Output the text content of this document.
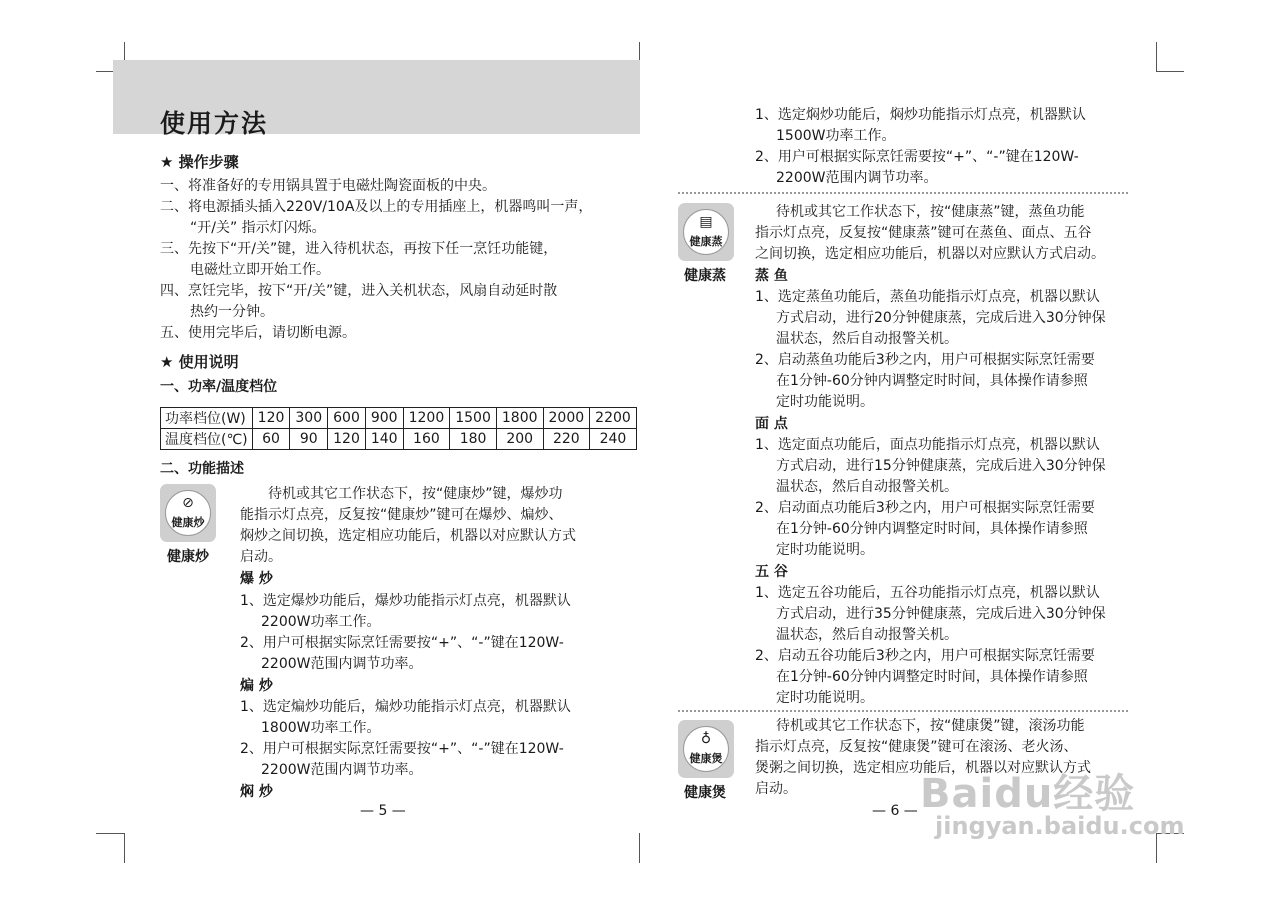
使用方法
★ 操作步骤
一、将准备好的专用锅具置于电磁灶陶瓷面板的中央。
二、将电源插头插入220V/10A及以上的专用插座上，机器鸣叫一声，
“开/关” 指示灯闪烁。
三、先按下“开/关”键，进入待机状态，再按下任一烹饪功能键，
电磁灶立即开始工作。
四、烹饪完毕，按下“开/关”键，进入关机状态，风扇自动延时散
热约一分钟。
五、使用完毕后，请切断电源。
★ 使用说明
一、功率/温度档位
功率档位(W)	120	300	600	900	1200	1500	1800	2000	2200
温度档位(℃)	60	90	120	140	160	180	200	220	240
二、功能描述
⊘
健康炒
健康炒
待机或其它工作状态下，按“健康炒”键，爆炒功
能指示灯点亮，反复按“健康炒”键可在爆炒、煸炒、
焖炒之间切换，选定相应功能后，机器以对应默认方式
启动。
爆 炒
1、选定爆炒功能后，爆炒功能指示灯点亮，机器默认
2200W功率工作。
2、用户可根据实际烹饪需要按“+”、“-”键在120W-
2200W范围内调节功率。
煸 炒
1、选定煸炒功能后，煸炒功能指示灯点亮，机器默认
1800W功率工作。
2、用户可根据实际烹饪需要按“+”、“-”键在120W-
2200W范围内调节功率。
焖 炒
— 5 —
1、选定焖炒功能后，焖炒功能指示灯点亮，机器默认
1500W功率工作。
2、用户可根据实际烹饪需要按“+”、“-”键在120W-
2200W范围内调节功率。
▤
健康蒸
健康蒸
待机或其它工作状态下，按“健康蒸”键，蒸鱼功能
指示灯点亮，反复按“健康蒸”键可在蒸鱼、面点、五谷
之间切换，选定相应功能后，机器以对应默认方式启动。
蒸 鱼
1、选定蒸鱼功能后，蒸鱼功能指示灯点亮，机器以默认
方式启动，进行20分钟健康蒸，完成后进入30分钟保
温状态，然后自动报警关机。
2、启动蒸鱼功能后3秒之内，用户可根据实际烹饪需要
在1分钟-60分钟内调整定时时间，具体操作请参照
定时功能说明。
面 点
1、选定面点功能后，面点功能指示灯点亮，机器以默认
方式启动，进行15分钟健康蒸，完成后进入30分钟保
温状态，然后自动报警关机。
2、启动面点功能后3秒之内，用户可根据实际烹饪需要
在1分钟-60分钟内调整定时时间，具体操作请参照
定时功能说明。
五 谷
1、选定五谷功能后，五谷功能指示灯点亮，机器以默认
方式启动，进行35分钟健康蒸，完成后进入30分钟保
温状态，然后自动报警关机。
2、启动五谷功能后3秒之内，用户可根据实际烹饪需要
在1分钟-60分钟内调整定时时间，具体操作请参照
定时功能说明。
♁
健康煲
健康煲
待机或其它工作状态下，按“健康煲”键，滚汤功能
指示灯点亮，反复按“健康煲”键可在滚汤、老火汤、
煲粥之间切换，选定相应功能后，机器以对应默认方式
启动。
— 6 — Baidu经验
jingyan.baidu.com
